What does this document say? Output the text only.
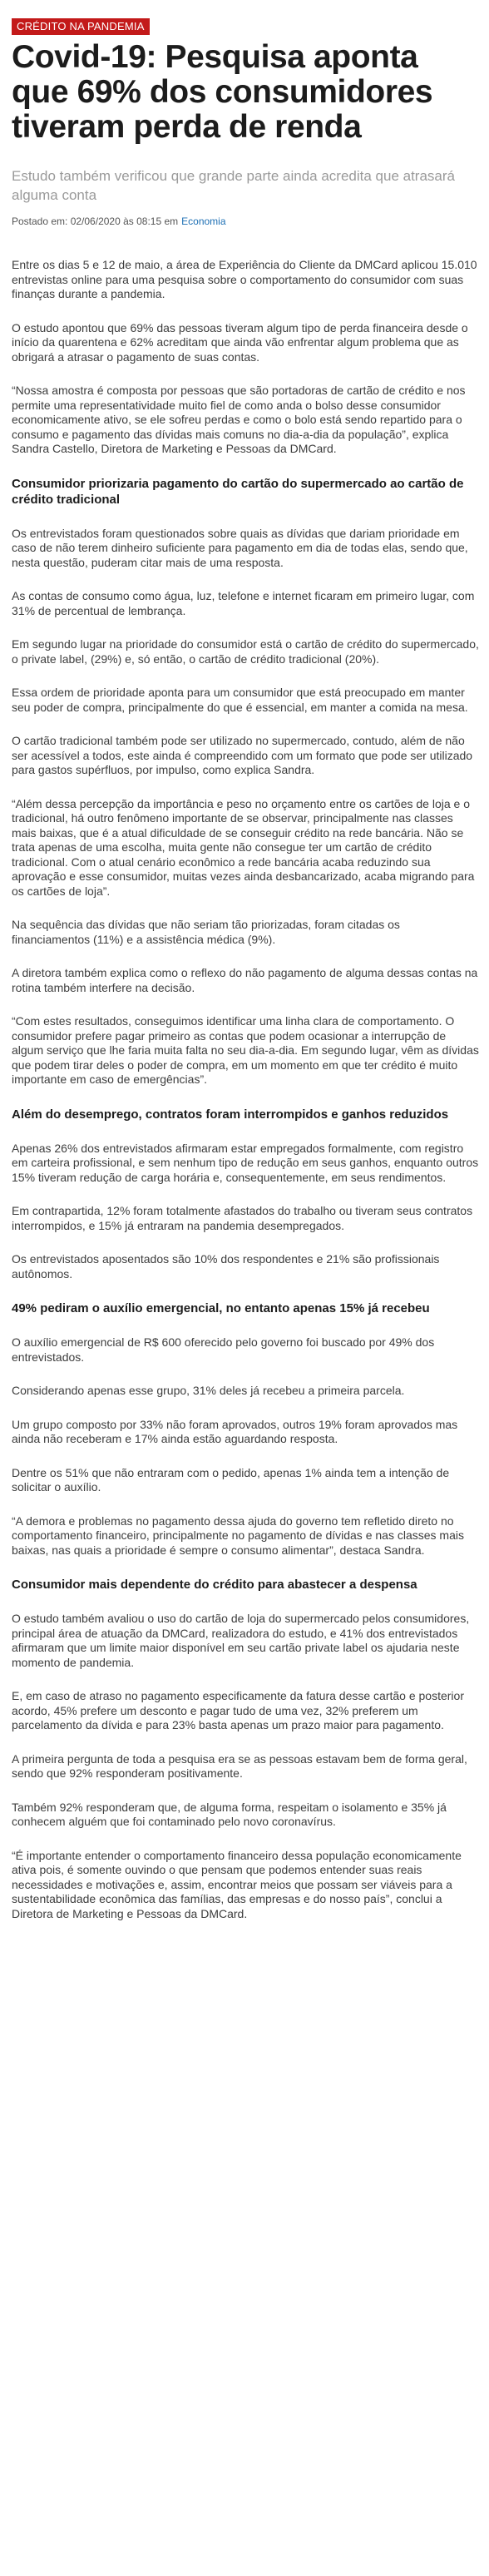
CRÉDITO NA PANDEMIA
Covid-19: Pesquisa aponta que 69% dos consumidores tiveram perda de renda

Estudo também verificou que grande parte ainda acredita que atrasará alguma conta

Postado em: 02/06/2020 às 08:15 em Economia

Entre os dias 5 e 12 de maio, a área de Experiência do Cliente da DMCard aplicou 15.010 entrevistas online para uma pesquisa sobre o comportamento do consumidor com suas finanças durante a pandemia.

O estudo apontou que 69% das pessoas tiveram algum tipo de perda financeira desde o início da quarentena e 62% acreditam que ainda vão enfrentar algum problema que as obrigará a atrasar o pagamento de suas contas.

“Nossa amostra é composta por pessoas que são portadoras de cartão de crédito e nos permite uma representatividade muito fiel de como anda o bolso desse consumidor economicamente ativo, se ele sofreu perdas e como o bolo está sendo repartido para o consumo e pagamento das dívidas mais comuns no dia-a-dia da população”, explica Sandra Castello, Diretora de Marketing e Pessoas da DMCard.

Consumidor priorizaria pagamento do cartão do supermercado ao cartão de crédito tradicional

Os entrevistados foram questionados sobre quais as dívidas que dariam prioridade em caso de não terem dinheiro suficiente para pagamento em dia de todas elas, sendo que, nesta questão, puderam citar mais de uma resposta.

As contas de consumo como água, luz, telefone e internet ficaram em primeiro lugar, com 31% de percentual de lembrança.

Em segundo lugar na prioridade do consumidor está o cartão de crédito do supermercado, o private label, (29%) e, só então, o cartão de crédito tradicional (20%).

Essa ordem de prioridade aponta para um consumidor que está preocupado em manter seu poder de compra, principalmente do que é essencial, em manter a comida na mesa.

O cartão tradicional também pode ser utilizado no supermercado, contudo, além de não ser acessível a todos, este ainda é compreendido com um formato que pode ser utilizado para gastos supérfluos, por impulso, como explica Sandra.

“Além dessa percepção da importância e peso no orçamento entre os cartões de loja e o tradicional, há outro fenômeno importante de se observar, principalmente nas classes mais baixas, que é a atual dificuldade de se conseguir crédito na rede bancária. Não se trata apenas de uma escolha, muita gente não consegue ter um cartão de crédito tradicional. Com o atual cenário econômico a rede bancária acaba reduzindo sua aprovação e esse consumidor, muitas vezes ainda desbancarizado, acaba migrando para os cartões de loja”.

Na sequência das dívidas que não seriam tão priorizadas, foram citadas os financiamentos (11%) e a assistência médica (9%).

A diretora também explica como o reflexo do não pagamento de alguma dessas contas na rotina também interfere na decisão.

“Com estes resultados, conseguimos identificar uma linha clara de comportamento. O consumidor prefere pagar primeiro as contas que podem ocasionar a interrupção de algum serviço que lhe faria muita falta no seu dia-a-dia. Em segundo lugar, vêm as dívidas que podem tirar deles o poder de compra, em um momento em que ter crédito é muito importante em caso de emergências”.

Além do desemprego, contratos foram interrompidos e ganhos reduzidos

Apenas 26% dos entrevistados afirmaram estar empregados formalmente, com registro em carteira profissional, e sem nenhum tipo de redução em seus ganhos, enquanto outros 15% tiveram redução de carga horária e, consequentemente, em seus rendimentos.

Em contrapartida, 12% foram totalmente afastados do trabalho ou tiveram seus contratos interrompidos, e 15% já entraram na pandemia desempregados.

Os entrevistados aposentados são 10% dos respondentes e 21% são profissionais autônomos.

49% pediram o auxílio emergencial, no entanto apenas 15% já recebeu

O auxílio emergencial de R$ 600 oferecido pelo governo foi buscado por 49% dos entrevistados.

Considerando apenas esse grupo, 31% deles já recebeu a primeira parcela.

Um grupo composto por 33% não foram aprovados, outros 19% foram aprovados mas ainda não receberam e 17% ainda estão aguardando resposta.

Dentre os 51% que não entraram com o pedido, apenas 1% ainda tem a intenção de solicitar o auxílio.

“A demora e problemas no pagamento dessa ajuda do governo tem refletido direto no comportamento financeiro, principalmente no pagamento de dívidas e nas classes mais baixas, nas quais a prioridade é sempre o consumo alimentar”, destaca Sandra.

Consumidor mais dependente do crédito para abastecer a despensa

O estudo também avaliou o uso do cartão de loja do supermercado pelos consumidores, principal área de atuação da DMCard, realizadora do estudo, e 41% dos entrevistados afirmaram que um limite maior disponível em seu cartão private label os ajudaria neste momento de pandemia.

E, em caso de atraso no pagamento especificamente da fatura desse cartão e posterior acordo, 45% prefere um desconto e pagar tudo de uma vez, 32% preferem um parcelamento da dívida e para 23% basta apenas um prazo maior para pagamento.

A primeira pergunta de toda a pesquisa era se as pessoas estavam bem de forma geral, sendo que 92% responderam positivamente.

Também 92% responderam que, de alguma forma, respeitam o isolamento e 35% já conhecem alguém que foi contaminado pelo novo coronavírus.

“É importante entender o comportamento financeiro dessa população economicamente ativa pois, é somente ouvindo o que pensam que podemos entender suas reais necessidades e motivações e, assim, encontrar meios que possam ser viáveis para a sustentabilidade econômica das famílias, das empresas e do nosso país”, conclui a Diretora de Marketing e Pessoas da DMCard.
